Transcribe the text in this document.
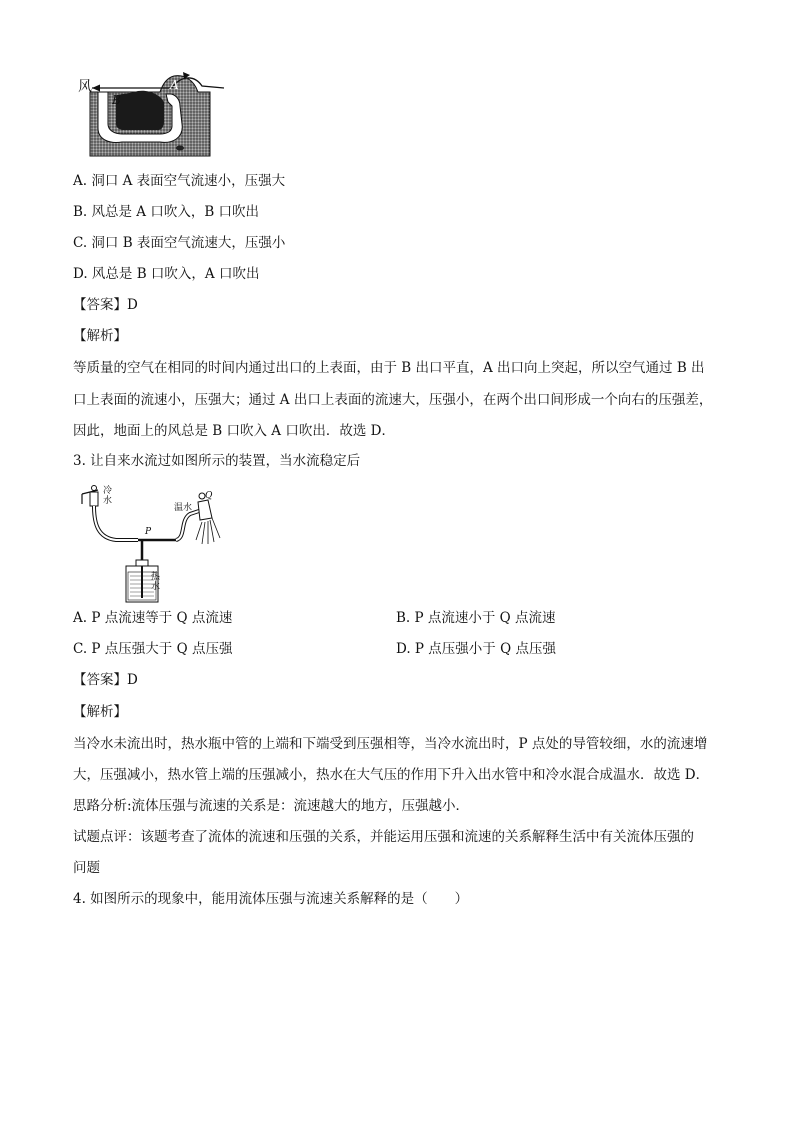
风	A
B
A. 洞口 A 表面空气流速小，压强大
B. 风总是 A 口吹入，B 口吹出
C. 洞口 B 表面空气流速大，压强小
D. 风总是 B 口吹入，A 口吹出
【答案】D
【解析】
等质量的空气在相同的时间内通过出口的上表面，由于 B 出口平直，A 出口向上突起，所以空气通过 B 出
口上表面的流速小，压强大；通过 A 出口上表面的流速大，压强小，在两个出口间形成一个向右的压强差，
因此，地面上的风总是 B 口吹入 A 口吹出．故选 D．
3. 让自来水流过如图所示的装置，当水流稳定后
冷水
温水
P
Q
热水
A. P 点流速等于 Q 点流速	B. P 点流速小于 Q 点流速
C. P 点压强大于 Q 点压强	D. P 点压强小于 Q 点压强
【答案】D
【解析】
当冷水未流出时，热水瓶中管的上端和下端受到压强相等，当冷水流出时，P 点处的导管较细，水的流速增
大，压强减小，热水管上端的压强减小，热水在大气压的作用下升入出水管中和冷水混合成温水．故选 D．
思路分析:流体压强与流速的关系是：流速越大的地方，压强越小．
试题点评：该题考查了流体的流速和压强的关系，并能运用压强和流速的关系解释生活中有关流体压强的
问题
4. 如图所示的现象中，能用流体压强与流速关系解释的是（　　）
